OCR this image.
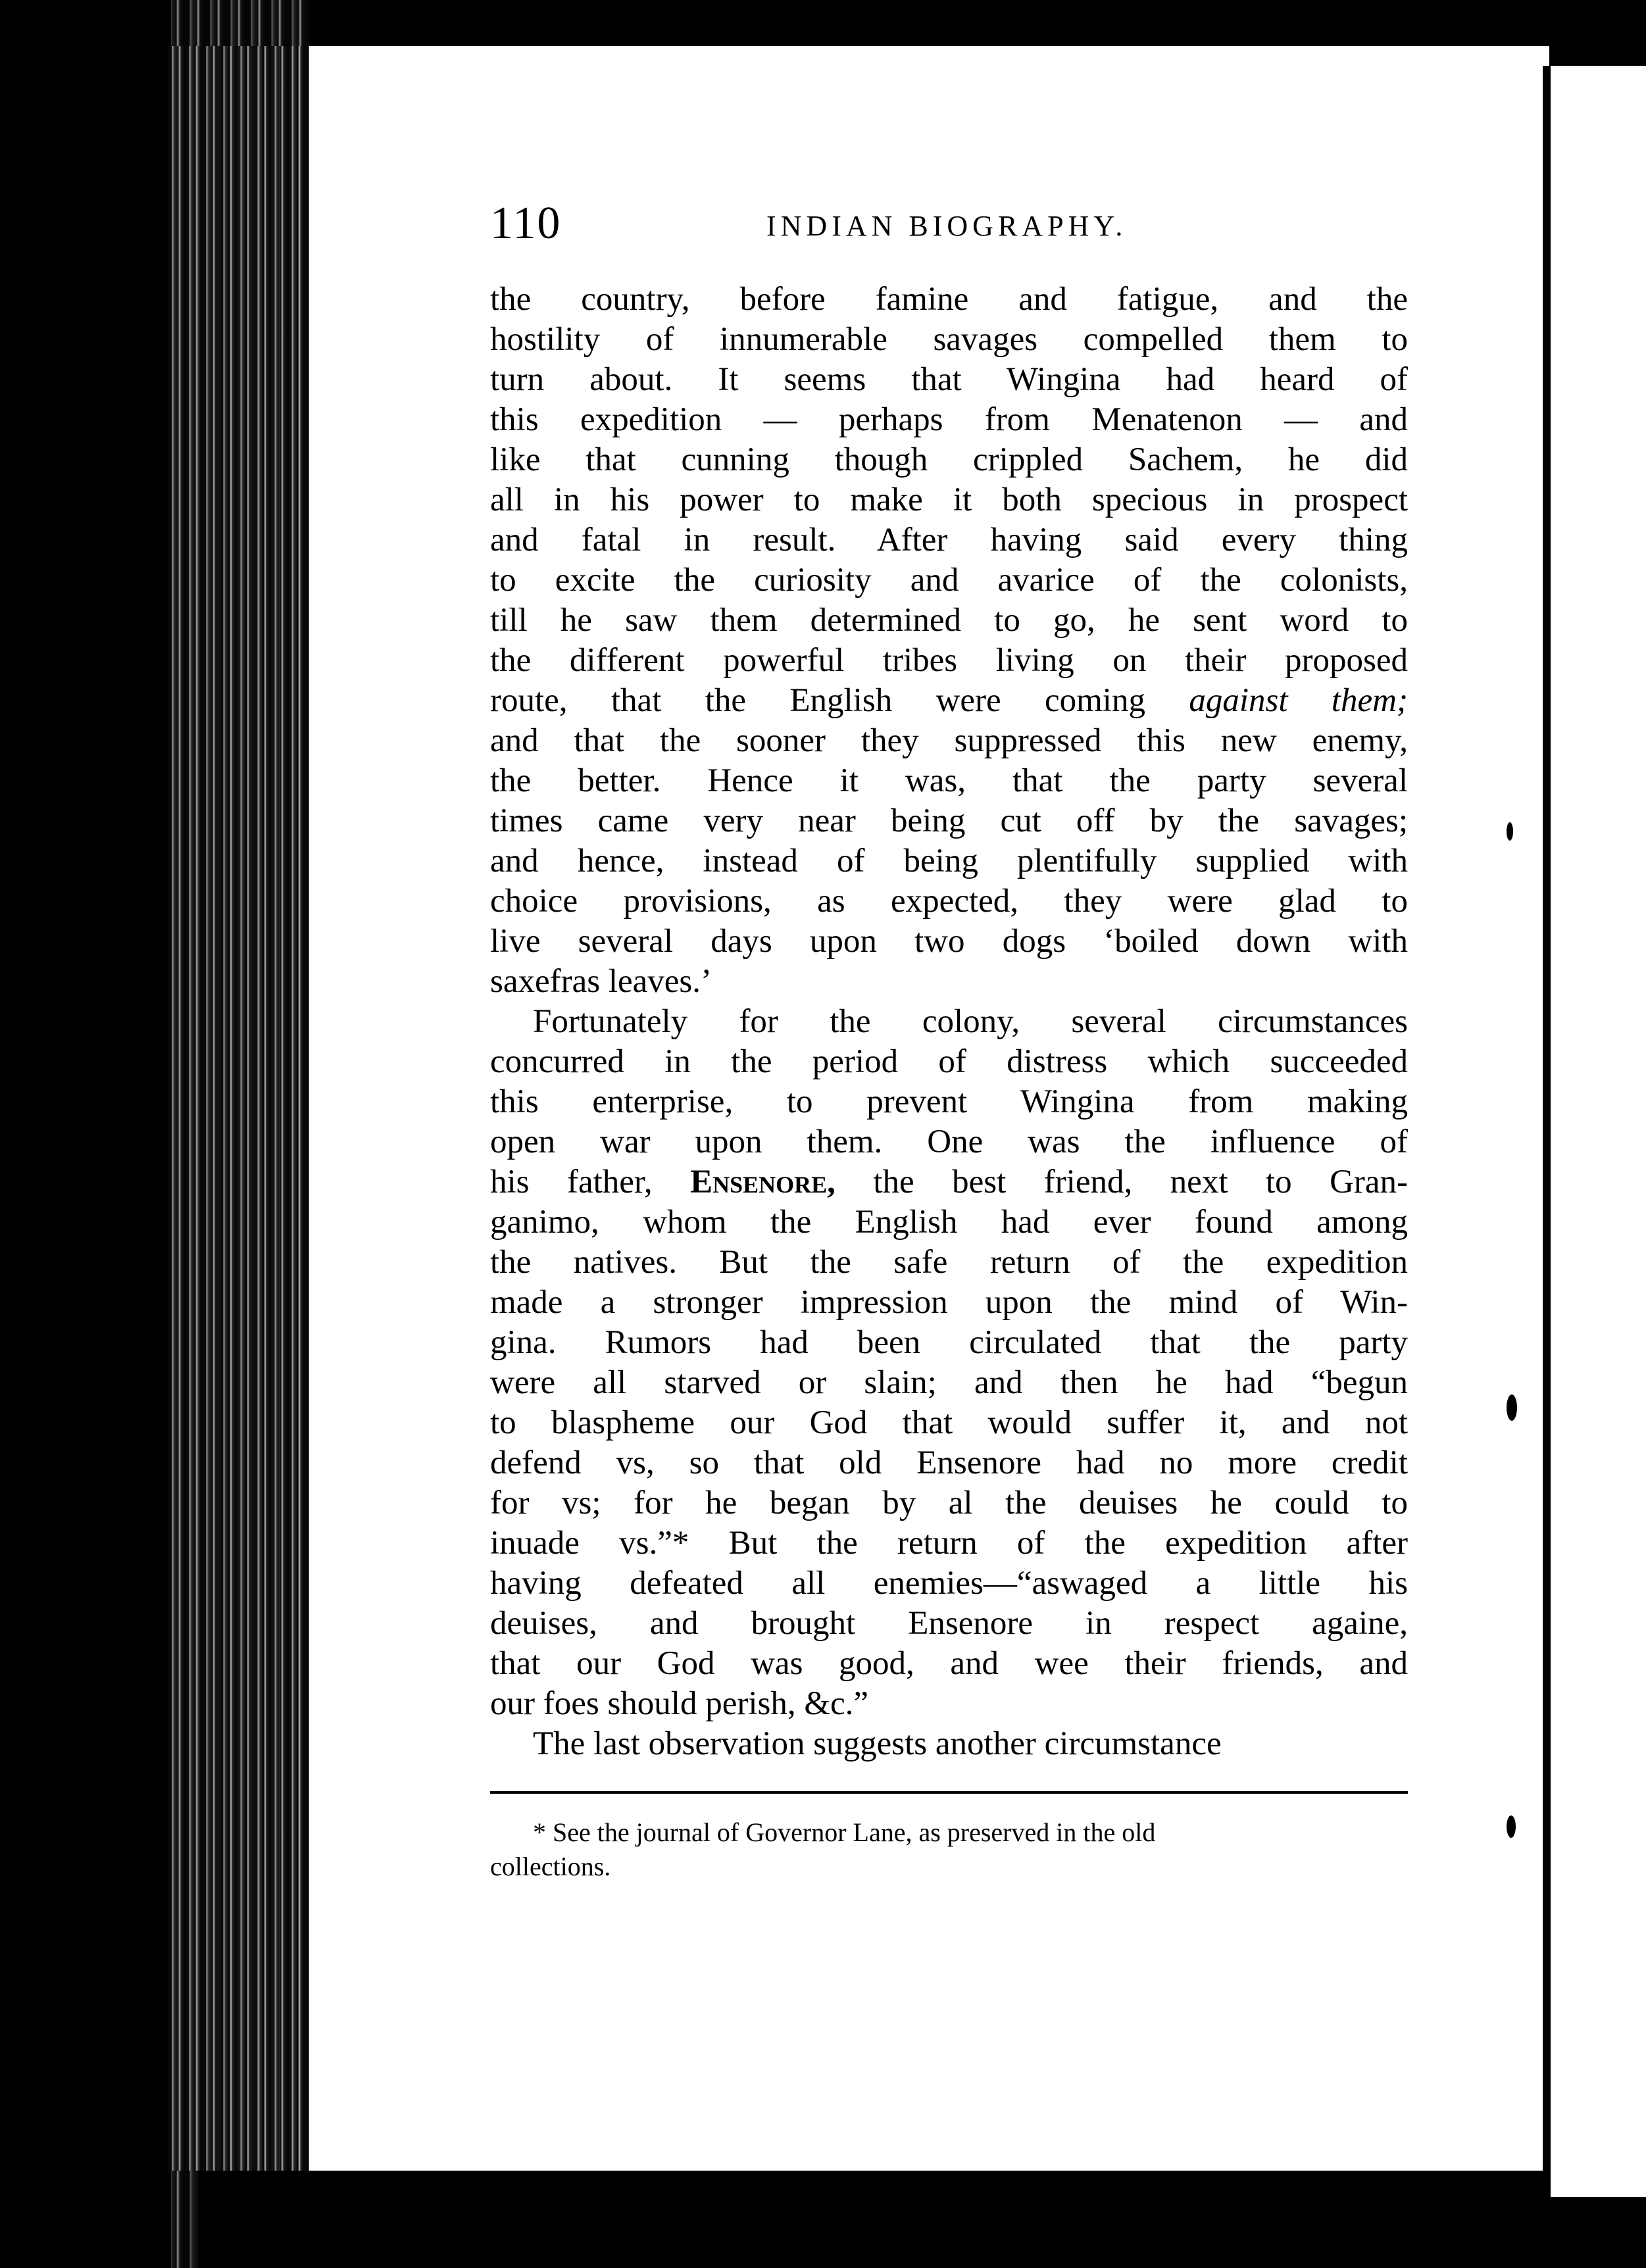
110	INDIAN BIOGRAPHY.
the country, before famine and fatigue, and the
hostility of innumerable savages compelled them to
turn about. It seems that Wingina had heard of
this expedition — perhaps from Menatenon — and
like that cunning though crippled Sachem, he did
all in his power to make it both specious in prospect
and fatal in result. After having said every thing
to excite the curiosity and avarice of the colonists,
till he saw them determined to go, he sent word to
the different powerful tribes living on their proposed
route, that the English were coming against them;
and that the sooner they suppressed this new enemy,
the better. Hence it was, that the party several
times came very near being cut off by the savages;
and hence, instead of being plentifully supplied with
choice provisions, as expected, they were glad to
live several days upon two dogs ‘boiled down with
saxefras leaves.’
Fortunately for the colony, several circumstances
concurred in the period of distress which succeeded
this enterprise, to prevent Wingina from making
open war upon them. One was the influence of
his father, Ensenore, the best friend, next to Gran-
ganimo, whom the English had ever found among
the natives. But the safe return of the expedition
made a stronger impression upon the mind of Win-
gina. Rumors had been circulated that the party
were all starved or slain; and then he had “begun
to blaspheme our God that would suffer it, and not
defend vs, so that old Ensenore had no more credit
for vs; for he began by al the deuises he could to
inuade vs.”* But the return of the expedition after
having defeated all enemies—“aswaged a little his
deuises, and brought Ensenore in respect againe,
that our God was good, and wee their friends, and
our foes should perish, &c.”
The last observation suggests another circumstance
* See the journal of Governor Lane, as preserved in the old
collections.
